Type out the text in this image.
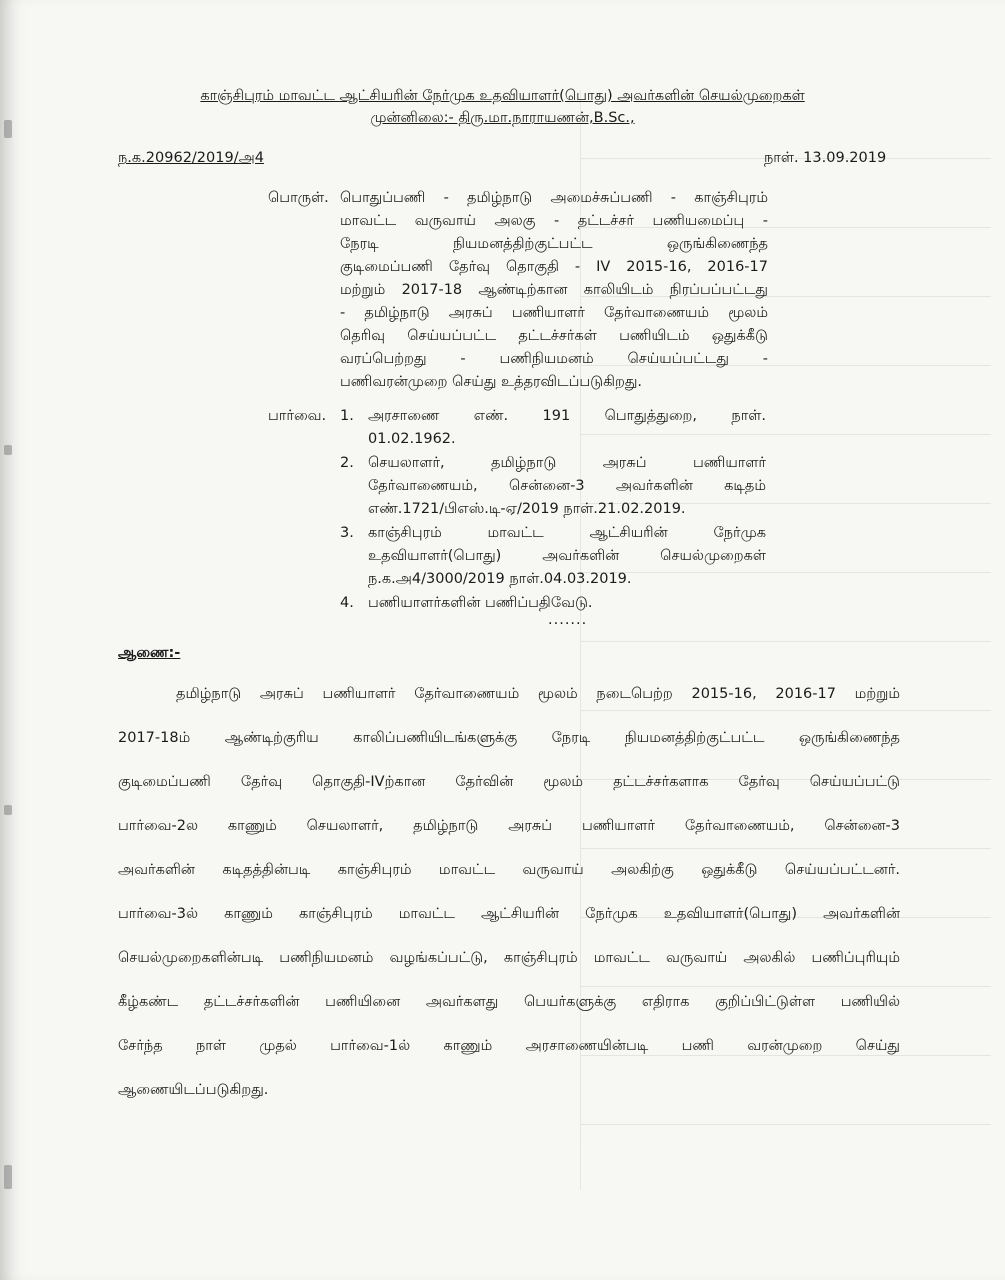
காஞ்சிபுரம் மாவட்ட ஆட்சியரின் நேர்முக உதவியாளர்(பொது) அவர்களின் செயல்முறைகள்
முன்னிலை:- திரு.மா.நாராயணன்,B.Sc.,
ந.க.20962/2019/அ4	நாள். 13.09.2019
பொருள். பொதுப்பணி - தமிழ்நாடு அமைச்சுப்பணி - காஞ்சிபுரம்
மாவட்ட வருவாய் அலகு - தட்டச்சர் பணியமைப்பு -
நேரடி நியமனத்திற்குட்பட்ட ஒருங்கிணைந்த
குடிமைப்பணி தேர்வு தொகுதி - IV 2015-16, 2016-17
மற்றும் 2017-18 ஆண்டிற்கான காலியிடம் நிரப்பப்பட்டது
- தமிழ்நாடு அரசுப் பணியாளர் தேர்வாணையம் மூலம்
தெரிவு செய்யப்பட்ட தட்டச்சர்கள் பணியிடம் ஒதுக்கீடு
வரப்பெற்றது - பணிநியமனம் செய்யப்பட்டது -
பணிவரன்முறை செய்து உத்தரவிடப்படுகிறது.
பார்வை. 1. அரசாணை எண். 191 பொதுத்துறை, நாள்.
01.02.1962.
2. செயலாளர், தமிழ்நாடு அரசுப் பணியாளர்
தேர்வாணையம், சென்னை-3 அவர்களின் கடிதம்
எண்.1721/பிஎஸ்.டி-ஏ/2019 நாள்.21.02.2019.
3. காஞ்சிபுரம் மாவட்ட ஆட்சியரின் நேர்முக
உதவியாளர்(பொது) அவர்களின் செயல்முறைகள்
ந.க.அ4/3000/2019 நாள்.04.03.2019.
4. பணியாளர்களின் பணிப்பதிவேடு.
.......
ஆணை:-
தமிழ்நாடு அரசுப் பணியாளர் தேர்வாணையம் மூலம் நடைபெற்ற 2015-16, 2016-17 மற்றும்
2017-18ம் ஆண்டிற்குரிய காலிப்பணியிடங்களுக்கு நேரடி நியமனத்திற்குட்பட்ட ஒருங்கிணைந்த
குடிமைப்பணி தேர்வு தொகுதி-IVற்கான தேர்வின் மூலம் தட்டச்சர்களாக தேர்வு செய்யப்பட்டு
பார்வை-2ல காணும் செயலாளர், தமிழ்நாடு அரசுப் பணியாளர் தேர்வாணையம், சென்னை-3
அவர்களின் கடிதத்தின்படி காஞ்சிபுரம் மாவட்ட வருவாய் அலகிற்கு ஒதுக்கீடு செய்யப்பட்டனர்.
பார்வை-3ல் காணும் காஞ்சிபுரம் மாவட்ட ஆட்சியரின் நேர்முக உதவியாளர்(பொது) அவர்களின்
செயல்முறைகளின்படி பணிநியமனம் வழங்கப்பட்டு, காஞ்சிபுரம் மாவட்ட வருவாய் அலகில் பணிப்புரியும்
கீழ்கண்ட தட்டச்சர்களின் பணியினை அவர்களது பெயர்களுக்கு எதிராக குறிப்பிட்டுள்ள பணியில்
சேர்ந்த நாள் முதல் பார்வை-1ல் காணும் அரசாணையின்படி பணி வரன்முறை செய்து
ஆணையிடப்படுகிறது.
